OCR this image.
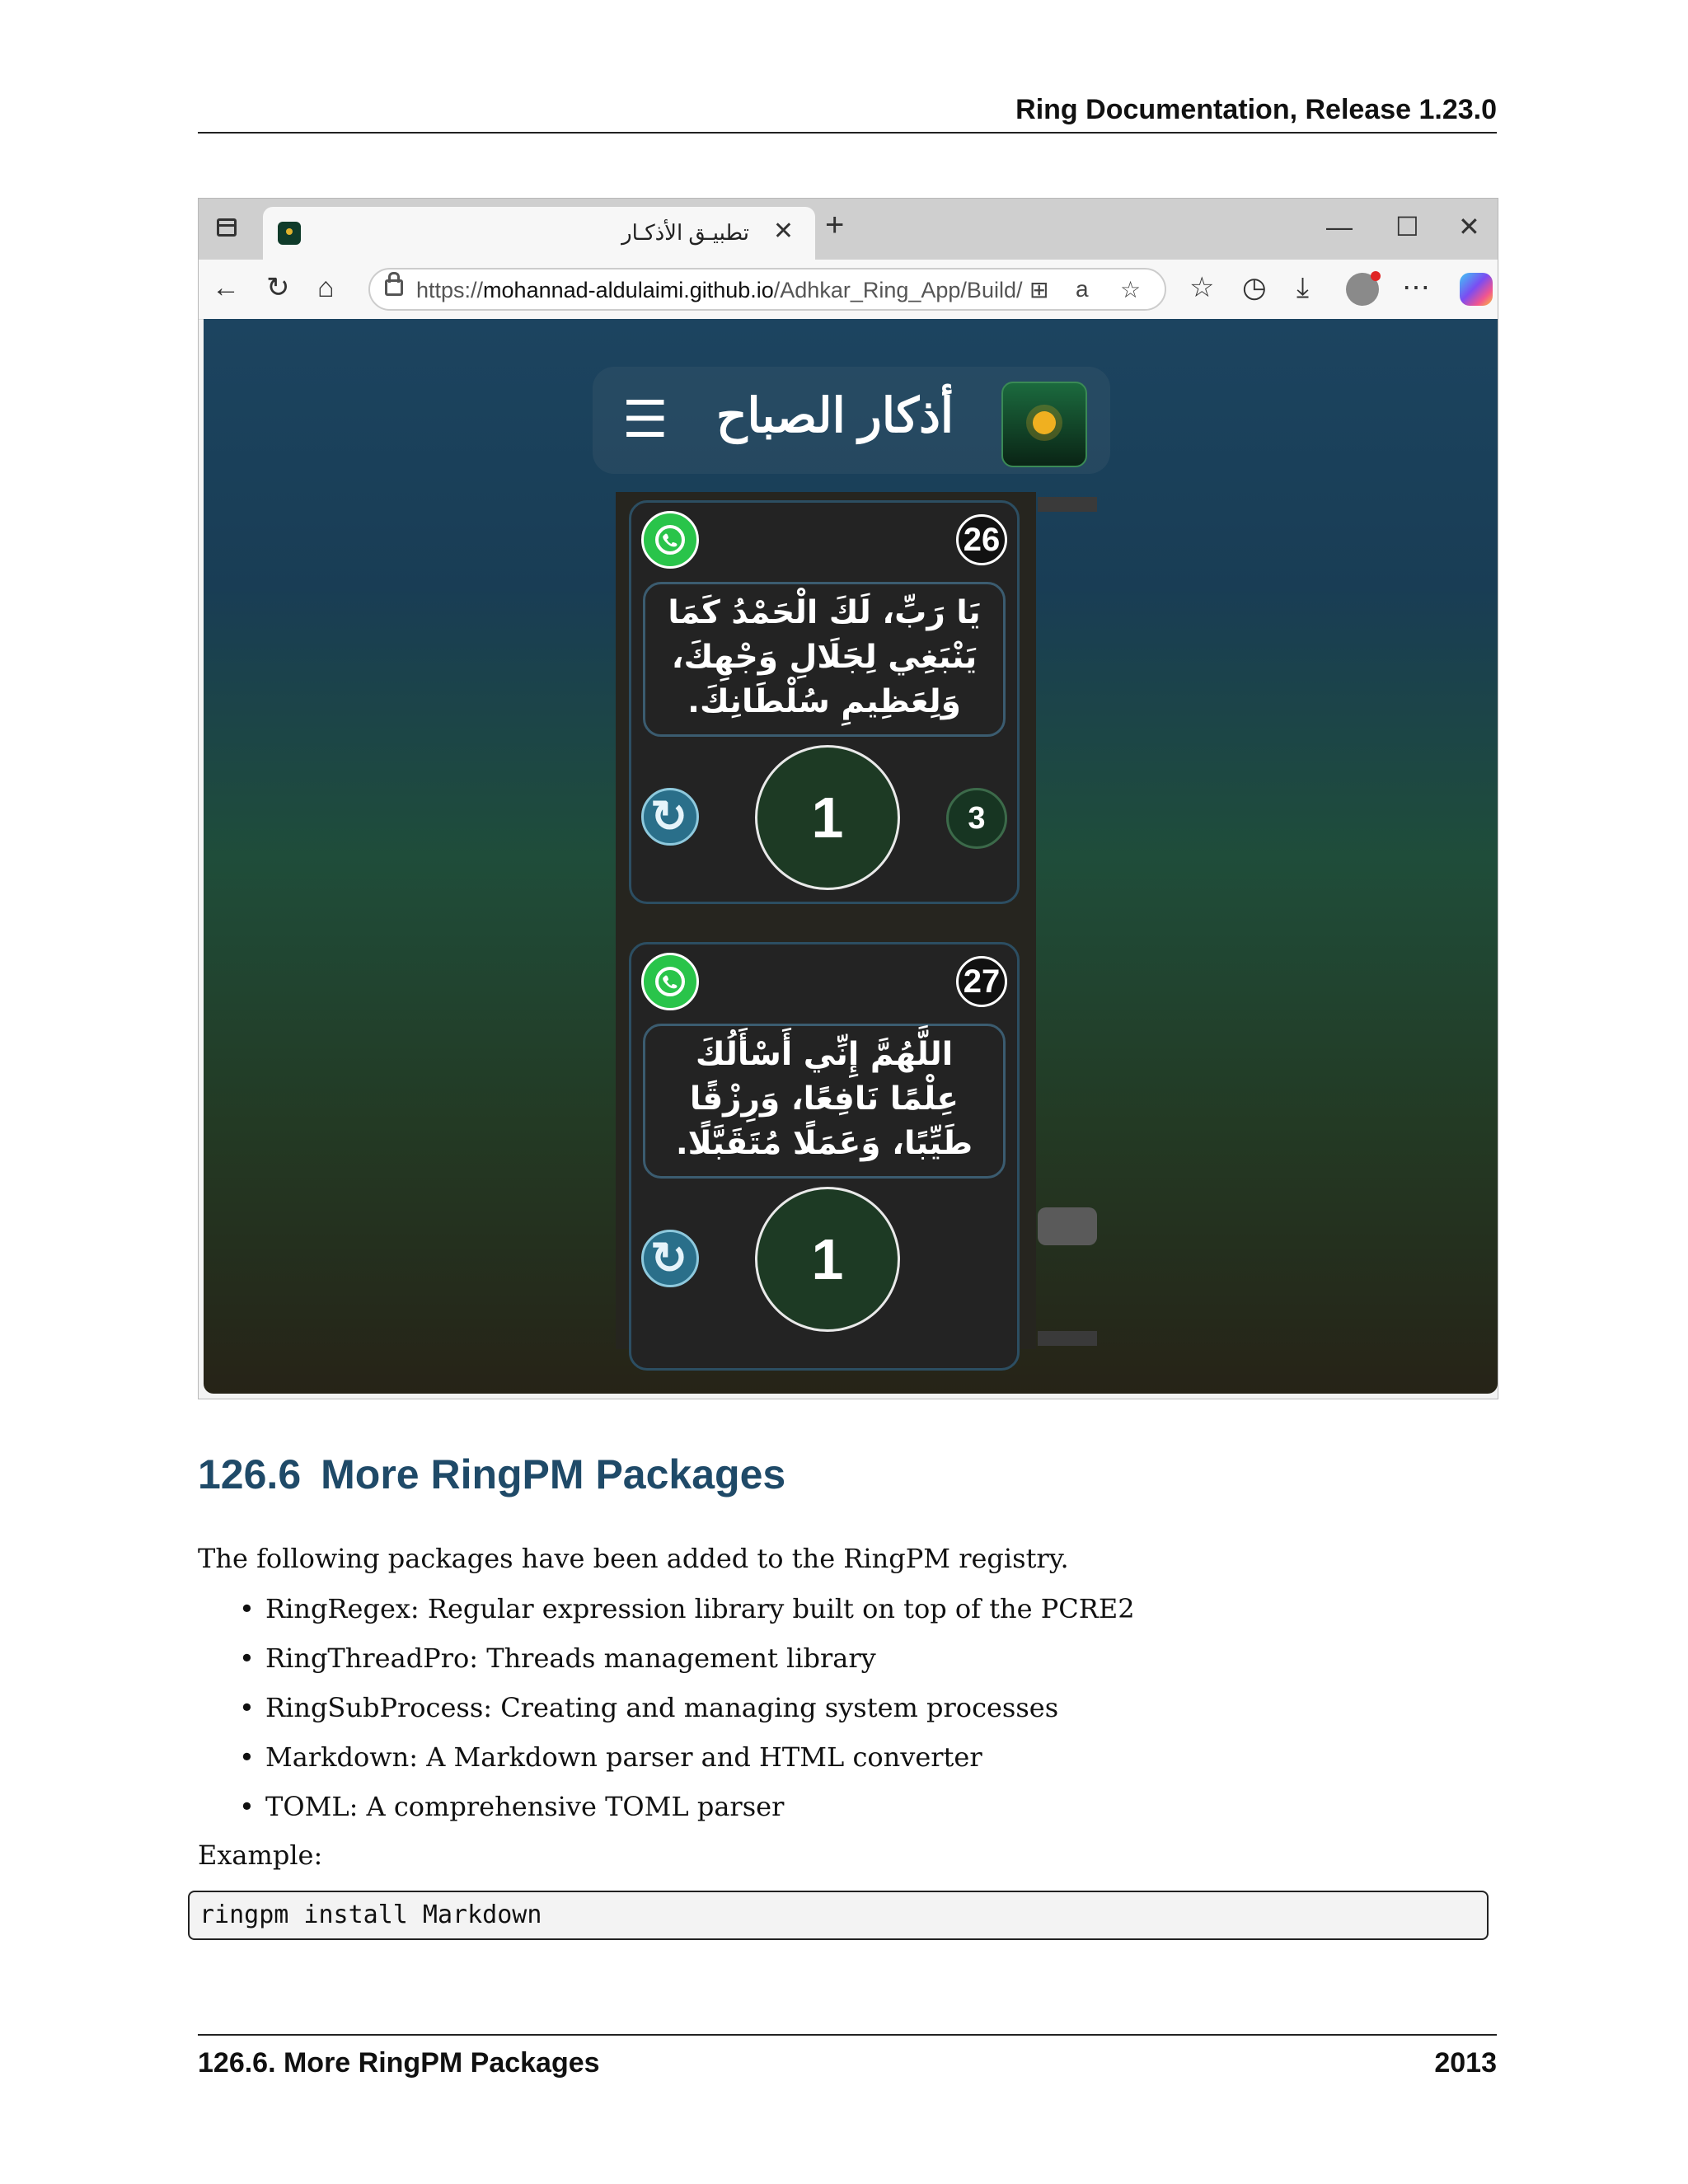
Ring Documentation, Release 1.23.0
تطبيـق الأذكـار ✕ +	— ☐ ✕
← ↻ ⌂	https://mohannad-aldulaimi.github.io/Adhkar_Ring_App/Build/ ⊞ a ☆ ☆ ◷ ⤓	⋯
☰ أذكار الصباح
26
يَا رَبِّ، لَكَ الْحَمْدُ كَمَا يَنْبَغِي لِجَلَالِ وَجْهِكَ، وَلِعَظِيمِ سُلْطَانِكَ.
↻
1	3
27
اللَّهُمَّ إِنِّي أَسْأَلُكَ عِلْمًا نَافِعًا، وَرِزْقًا طَيِّبًا، وَعَمَلًا مُتَقَبَّلًا.
↻
1
126.6 More RingPM Packages
The following packages have been added to the RingPM registry.
• RingRegex: Regular expression library built on top of the PCRE2
• RingThreadPro: Threads management library
• RingSubProcess: Creating and managing system processes
• Markdown: A Markdown parser and HTML converter
• TOML: A comprehensive TOML parser
Example:
ringpm install Markdown
126.6. More RingPM Packages	2013
